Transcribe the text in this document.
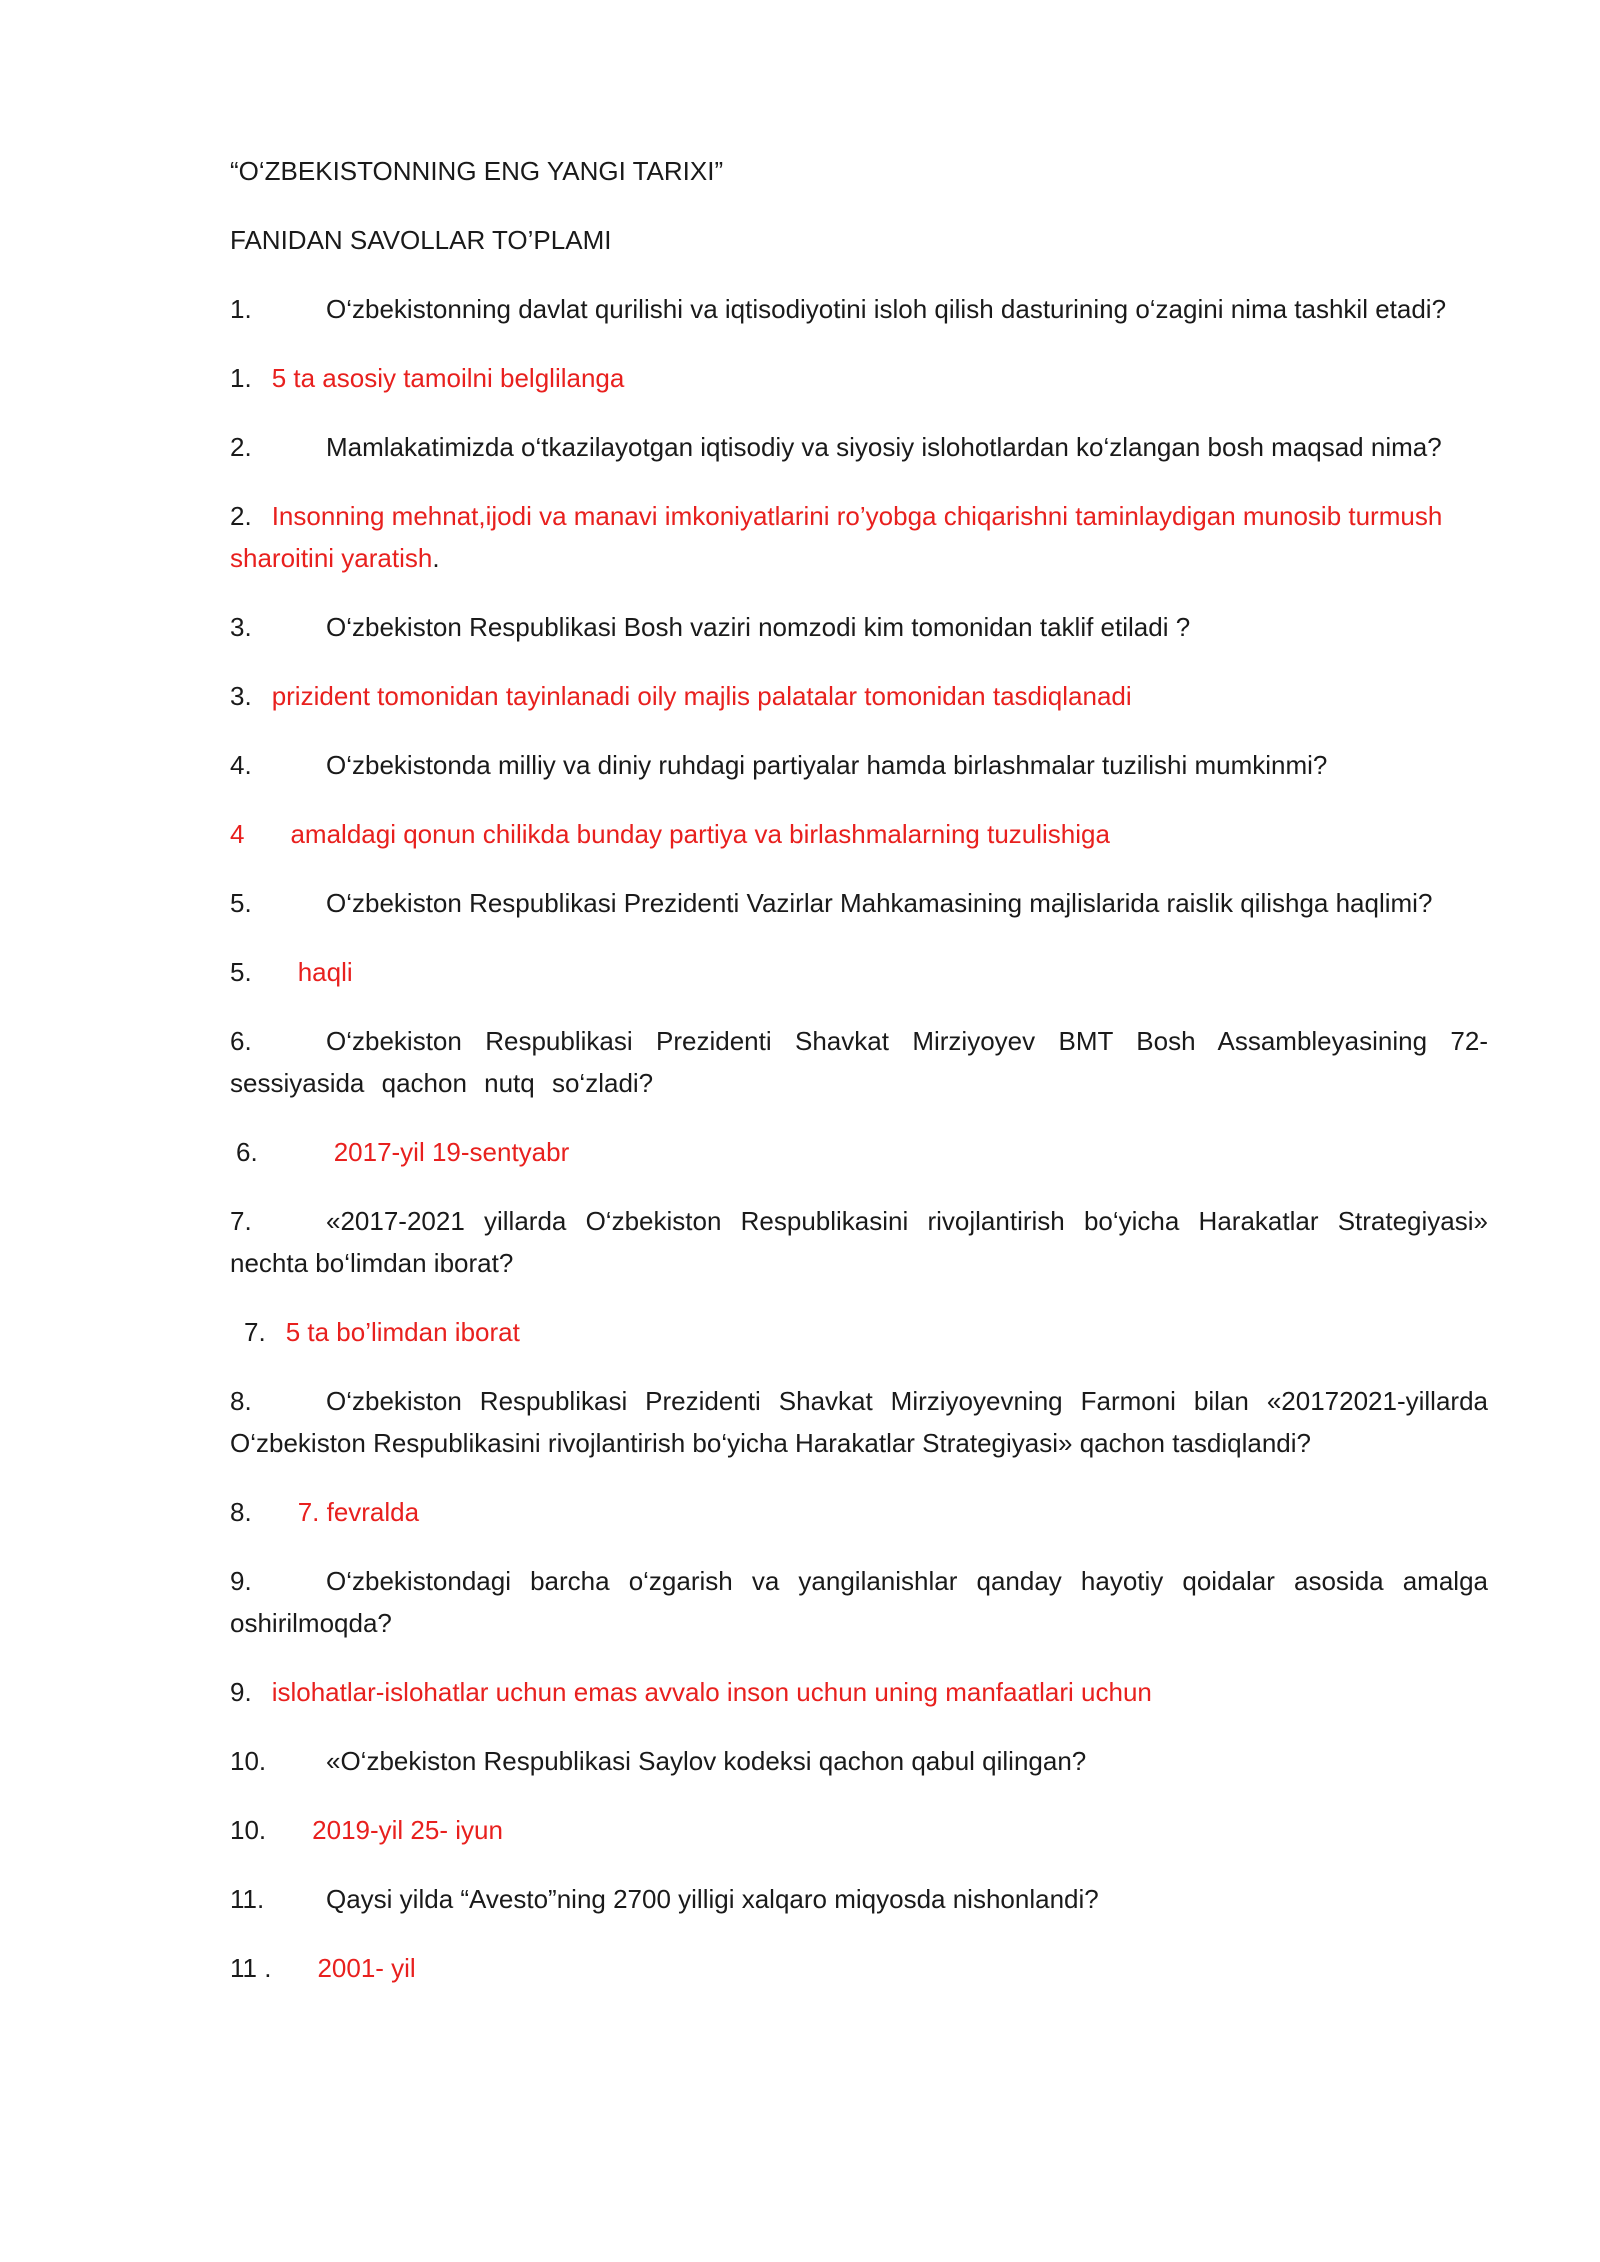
“O‘ZBEKISTONNING ENG YANGI TARIXI”

FANIDAN SAVOLLAR TO’PLAMI

1.	O‘zbekistonning davlat qurilishi va iqtisodiyotini isloh qilish dasturining o‘zagini nima tashkil etadi?

1. 5 ta asosiy tamoilni belglilanga

2.	Mamlakatimizda o‘tkazilayotgan iqtisodiy va siyosiy islohotlardan ko‘zlangan bosh maqsad nima?

2. Insonning mehnat,ijodi va manavi imkoniyatlarini ro’yobga chiqarishni taminlaydigan munosib turmush sharoitini yaratish.

3.	O‘zbekiston Respublikasi Bosh vaziri nomzodi kim tomonidan taklif etiladi ?

3. prizident tomonidan tayinlanadi oily majlis palatalar tomonidan tasdiqlanadi

4.	O‘zbekistonda milliy va diniy ruhdagi partiyalar hamda birlashmalar tuzilishi mumkinmi?

4 amaldagi qonun chilikda bunday partiya va birlashmalarning tuzulishiga

5.	O‘zbekiston Respublikasi Prezidenti Vazirlar Mahkamasining majlislarida raislik qilishga haqlimi?

5. haqli

6.	O‘zbekiston Respublikasi Prezidenti Shavkat Mirziyoyev BMT Bosh Assambleyasining 72-sessiyasida qachon nutq so‘zladi?

6.	2017-yil 19-sentyabr

7.	«2017-2021 yillarda O‘zbekiston Respublikasini rivojlantirish bo‘yicha Harakatlar Strategiyasi» nechta bo‘limdan iborat?

7. 5 ta bo’limdan iborat

8.	O‘zbekiston Respublikasi Prezidenti Shavkat Mirziyoyevning Farmoni bilan «20172021-yillarda O‘zbekiston Respublikasini rivojlantirish bo‘yicha Harakatlar Strategiyasi» qachon tasdiqlandi?

8. 7. fevralda

9.	O‘zbekistondagi barcha o‘zgarish va yangilanishlar qanday hayotiy qoidalar asosida amalga oshirilmoqda?

9. islohatlar-islohatlar uchun emas avvalo inson uchun uning manfaatlari uchun

10. «O‘zbekiston Respublikasi Saylov kodeksi qachon qabul qilingan?

10. 2019-yil 25- iyun

11. Qaysi yilda “Avesto”ning 2700 yilligi xalqaro miqyosda nishonlandi?

11 . 2001- yil
